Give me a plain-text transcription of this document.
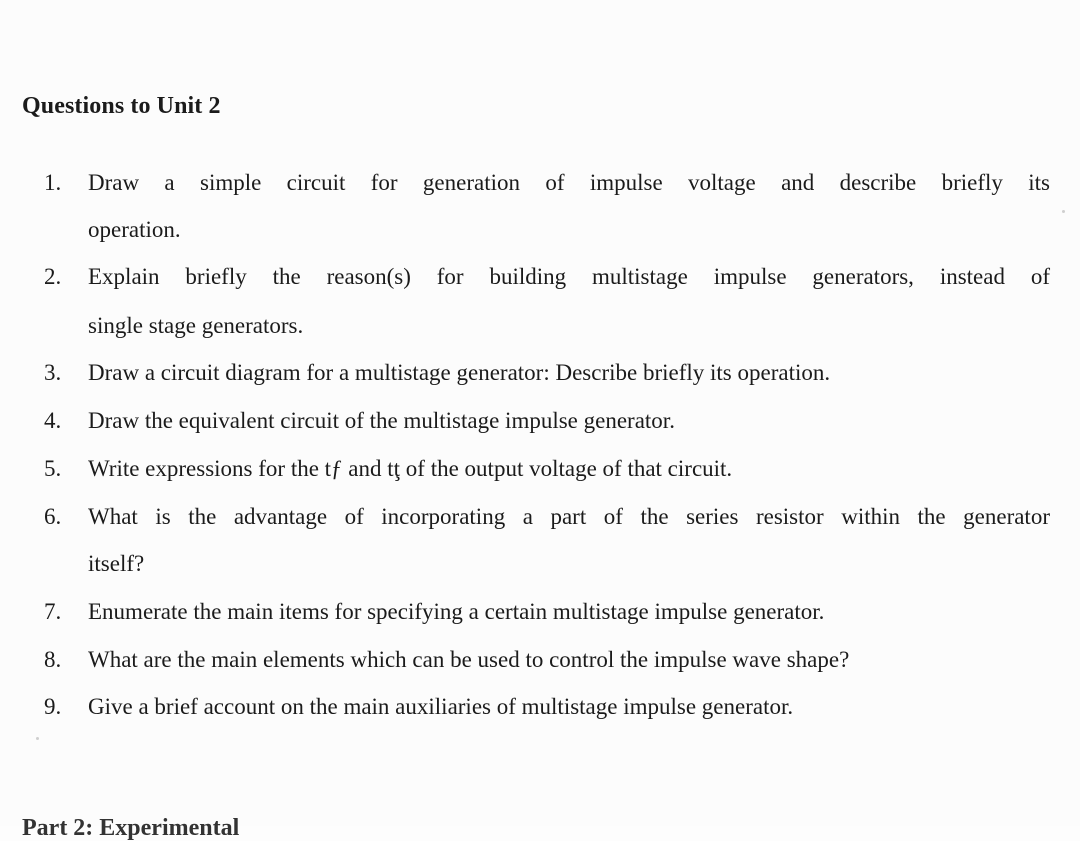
Questions to Unit 2
1.	Draw a simple circuit for generation of impulse voltage and describe briefly its
operation.
2.	Explain briefly the reason(s) for building multistage impulse generators, instead of
single stage generators.
3.	Draw a circuit diagram for a multistage generator: Describe briefly its operation.
4.	Draw the equivalent circuit of the multistage impulse generator.
5.	Write expressions for the tƒ and tţ of the output voltage of that circuit.
6.	What is the advantage of incorporating a part of the series resistor within the generator
itself?
7.	Enumerate the main items for specifying a certain multistage impulse generator.
8.	What are the main elements which can be used to control the impulse wave shape?
9.	Give a brief account on the main auxiliaries of multistage impulse generator.
Part 2: Experimental
